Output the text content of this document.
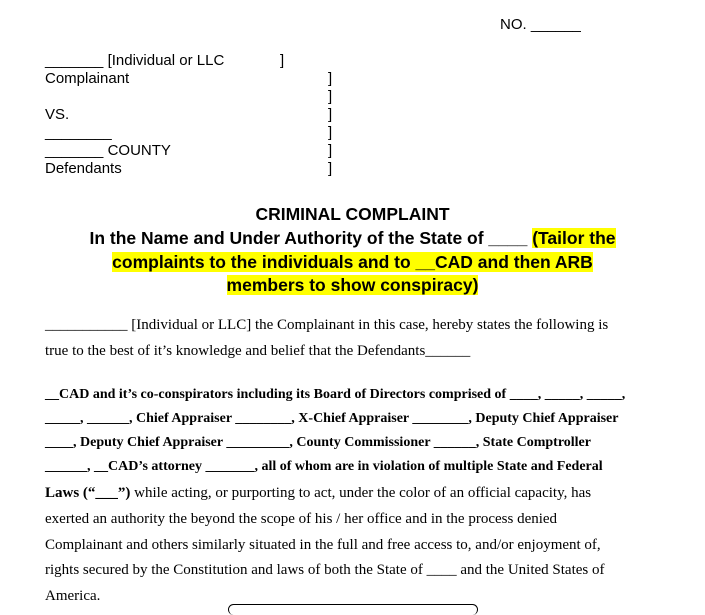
NO. ______
_______ [Individual or LLC	]
Complainant
VS.
________
_______ COUNTY
Defendants
]
]
]
]
]
]
CRIMINAL COMPLAINT
In the Name and Under Authority of the State of ____ (Tailor the
complaints to the individuals and to __CAD and then ARB
members to show conspiracy)
___________ [Individual or LLC] the Complainant in this case, hereby states the following is
true to the best of it’s knowledge and belief that the Defendants______
__CAD and it’s co-conspirators including its Board of Directors comprised of ____, _____, _____,
_____, ______, Chief Appraiser ________, X-Chief Appraiser ________, Deputy Chief Appraiser
____, Deputy Chief Appraiser _________, County Commissioner ______, State Comptroller
______, __CAD’s attorney _______, all of whom are in violation of multiple State and Federal
Laws (“___”) while acting, or purporting to act, under the color of an official capacity, has
exerted an authority the beyond the scope of his / her office and in the process denied
Complainant and others similarly situated in the full and free access to, and/or enjoyment of,
rights secured by the Constitution and laws of both the State of ____ and the United States of
America.
